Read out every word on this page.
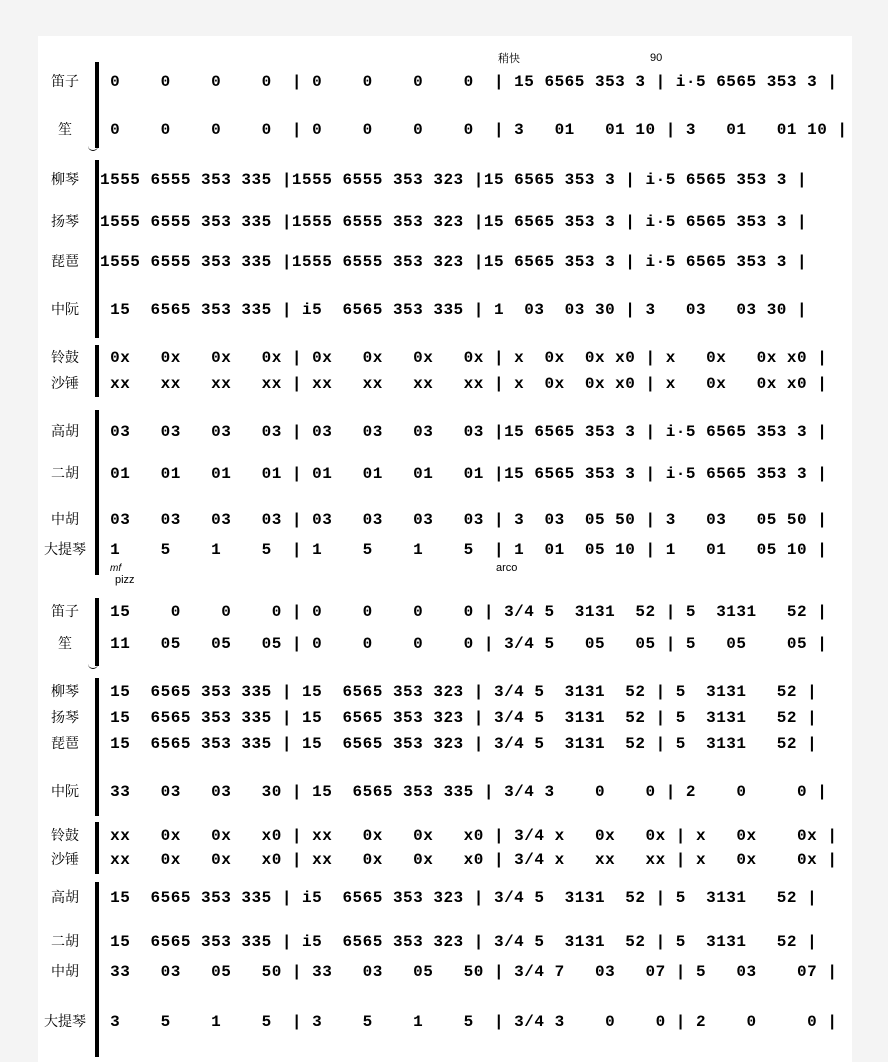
稍快	90
mf
pizz
arco
笛子	0    0    0    0  | 0    0    0    0  | 15 6565 353 3 | i·5 6565 353 3 |
笙	0    0    0    0  | 0    0    0    0  | 3   01   01 10 | 3   01   01 10 |
柳琴	1555 6555 353 335 |1555 6555 353 323 |15 6565 353 3 | i·5 6565 353 3 |
扬琴	1555 6555 353 335 |1555 6555 353 323 |15 6565 353 3 | i·5 6565 353 3 |
琵琶	1555 6555 353 335 |1555 6555 353 323 |15 6565 353 3 | i·5 6565 353 3 |
中阮	15  6565 353 335 | i5  6565 353 335 | 1  03  03 30 | 3   03   03 30 |
铃鼓	0x   0x   0x   0x | 0x   0x   0x   0x | x  0x  0x x0 | x   0x   0x x0 |
沙锤	xx   xx   xx   xx | xx   xx   xx   xx | x  0x  0x x0 | x   0x   0x x0 |
高胡	03   03   03   03 | 03   03   03   03 |15 6565 353 3 | i·5 6565 353 3 |
二胡	01   01   01   01 | 01   01   01   01 |15 6565 353 3 | i·5 6565 353 3 |
中胡	03   03   03   03 | 03   03   03   03 | 3  03  05 50 | 3   03   05 50 |
大提琴 1    5    1    5  | 1    5    1    5  | 1  01  05 10 | 1   01   05 10 |
笛子	15    0    0    0 | 0    0    0    0 | 3/4 5  3131  52 | 5  3131   52 |
笙	11   05   05   05 | 0    0    0    0 | 3/4 5   05   05 | 5   05    05 |
柳琴	15  6565 353 335 | 15  6565 353 323 | 3/4 5  3131  52 | 5  3131   52 |
扬琴	15  6565 353 335 | 15  6565 353 323 | 3/4 5  3131  52 | 5  3131   52 |
琵琶	15  6565 353 335 | 15  6565 353 323 | 3/4 5  3131  52 | 5  3131   52 |
中阮	33   03   03   30 | 15  6565 353 335 | 3/4 3    0    0 | 2    0     0 |
铃鼓	xx   0x   0x   x0 | xx   0x   0x   x0 | 3/4 x   0x   0x | x   0x    0x |
沙锤	xx   0x   0x   x0 | xx   0x   0x   x0 | 3/4 x   xx   xx | x   0x    0x |
高胡	15  6565 353 335 | i5  6565 353 323 | 3/4 5  3131  52 | 5  3131   52 |
二胡	15  6565 353 335 | i5  6565 353 323 | 3/4 5  3131  52 | 5  3131   52 |
中胡	33   03   05   50 | 33   03   05   50 | 3/4 7   03   07 | 5   03    07 |
大提琴 3    5    1    5  | 3    5    1    5  | 3/4 3    0    0 | 2    0     0 |
